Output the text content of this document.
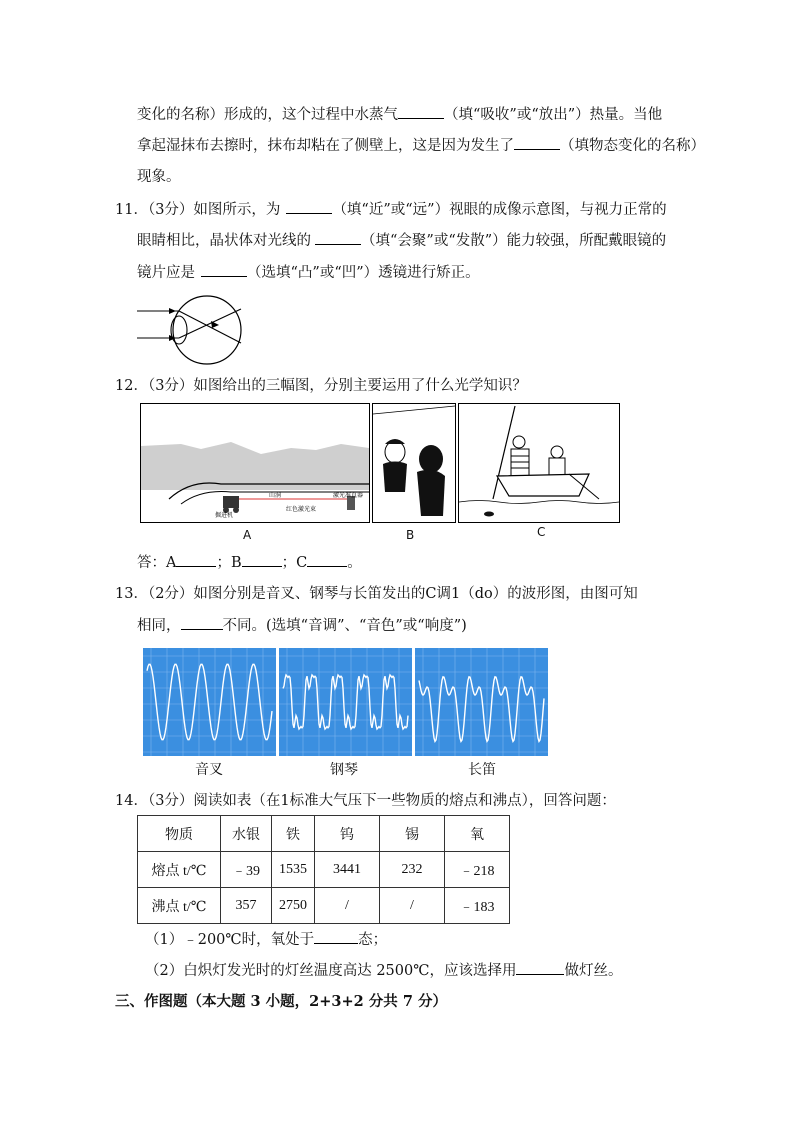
变化的名称）形成的，这个过程中水蒸气	（填“吸收”或“放出”）热量。当他
拿起湿抹布去擦时，抹布却粘在了侧壁上，这是因为发生了	（填物态变化的名称）
现象。
11．（3分）如图所示，为	（填“近”或“远”）视眼的成像示意图，与视力正常的
眼睛相比，晶状体对光线的	（填“会聚”或“发散”）能力较强，所配戴眼镜的
镜片应是	（选填“凸”或“凹”）透镜进行矫正。
12．（3分）如图给出的三幅图，分别主要运用了什么光学知识？
山洞	激光准直器
掘进机
红色激光束
A	B	C
答：A	；B	；C	。
13．（2分）如图分别是音叉、钢琴与长笛发出的C调1（do）的波形图，由图可知
相同，	不同。(选填“音调”、“音色”或“响度”)
音叉	钢琴	长笛
14．（3分）阅读如表（在1标准大气压下一些物质的熔点和沸点），回答问题：
物质	水银	铁	钨	锡	氧
熔点 t/℃	﹣39	1535	3441	232	﹣218
沸点 t/℃	357	2750	/	/	﹣183
（1）﹣200℃时，氧处于	态；
（2）白炽灯发光时的灯丝温度高达 2500℃，应该选择用	做灯丝。
三、作图题（本大题 3 小题，2+3+2 分共 7 分）
